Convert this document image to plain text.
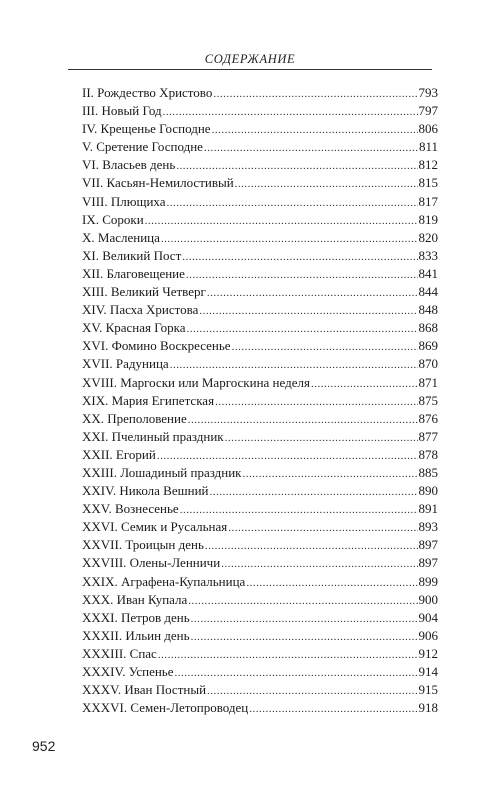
СОДЕРЖАНИЕ
II. Рождество Христово .....	793
III. Новый Год .....	797
IV. Крещенье Господне .....	806
V. Сретение Господне .....	811
VI. Власьев день .....	812
VII. Касьян-Немилостивый .....	815
VIII. Плющиха .....	817
IX. Сороки .....	819
X. Масленица .....	820
XI. Великий Пост .....	833
XII. Благовещение .....	841
XIII. Великий Четверг .....	844
XIV. Пасха Христова .....	848
XV. Красная Горка .....	868
XVI. Фомино Воскресенье .....	869
XVII. Радуница .....	870
XVIII. Маргоски или Маргоскина неделя .....	871
XIX. Мария Египетская .....	875
XX. Преполовение .....	876
XXI. Пчелиный праздник .....	877
XXII. Егорий .....	878
XXIII. Лошадиный праздник .....	885
XXIV. Никола Вешний .....	890
XXV. Вознесенье .....	891
XXVI. Семик и Русальная .....	893
XXVII. Троицын день .....	897
XXVIII. Олены-Ленничи .....	897
XXIX. Аграфена-Купальница .....	899
XXX. Иван Купала .....	900
XXXI. Петров день .....	904
XXXII. Ильин день .....	906
XXXIII. Спас .....	912
XXXIV. Успенье .....	914
XXXV. Иван Постный .....	915
XXXVI. Семен-Летопроводец .....	918
952
